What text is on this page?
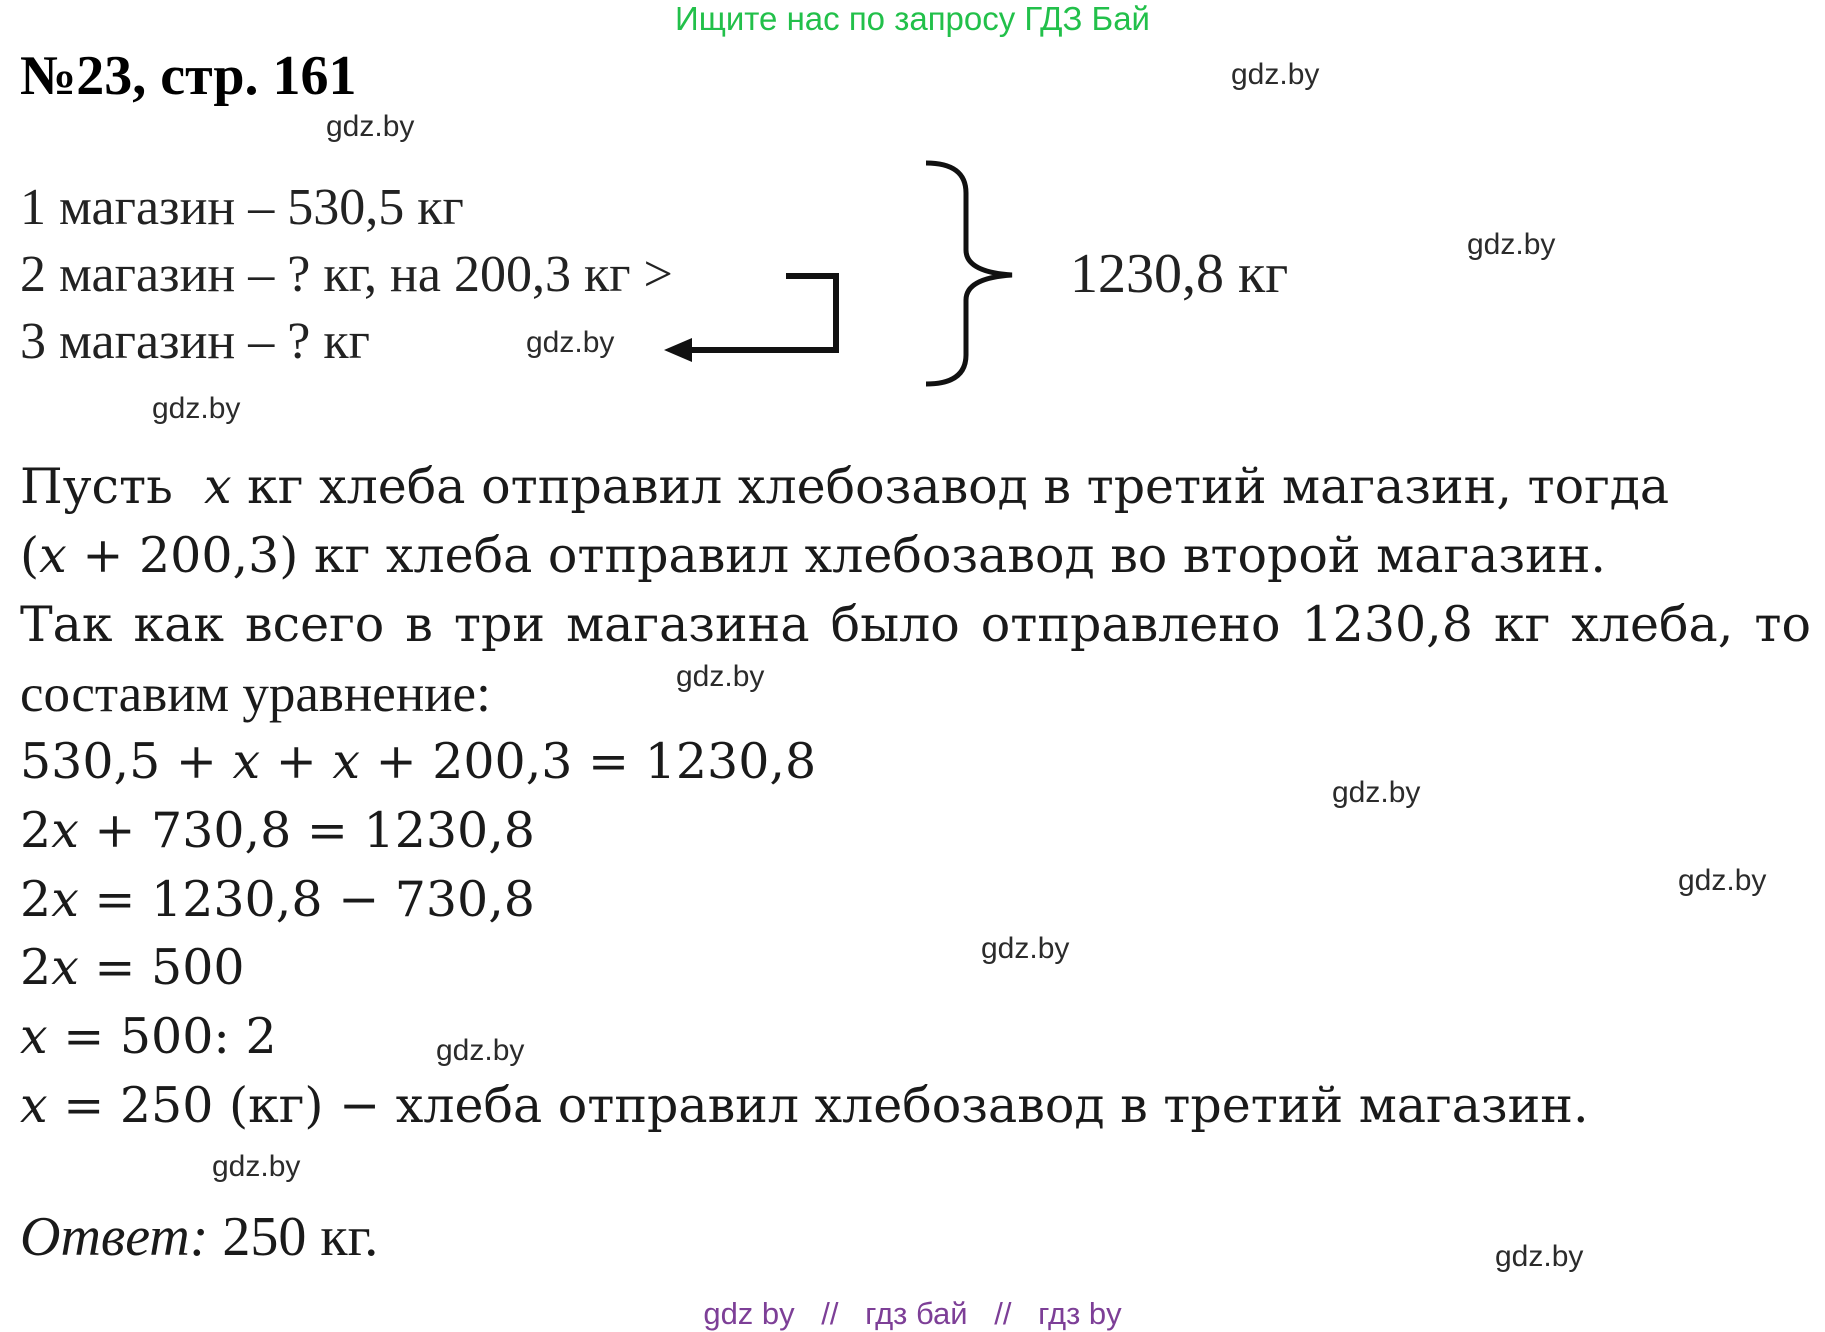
Ищите нас по запросу ГДЗ Бай
№23, стр. 161	gdz.by
gdz.by
gdz.by
gdz.by
gdz.by
gdz.by
gdz.by
gdz.by
gdz.by
gdz.by
gdz.by
gdz.by
1 магазин – 530,5 кг
2 магазин – ? кг, на 200,3 кг >
3 магазин – ? кг
1230,8 кг
Пусть x кг хлеба отправил хлебозавод в третий магазин, тогда
(x + 200,3) кг хлеба отправил хлебозавод во второй магазин.
Так как всего в три магазина было отправлено 1230,8 кг хлеба, то
составим уравнение:
530,5 + x + x + 200,3 = 1230,8
2x + 730,8 = 1230,8
2x = 1230,8 − 730,8
2x = 500
x = 500: 2
x = 250 (кг) − хлеба отправил хлебозавод в третий магазин.
Ответ: 250 кг.
gdz by // гдз бай // гдз by
